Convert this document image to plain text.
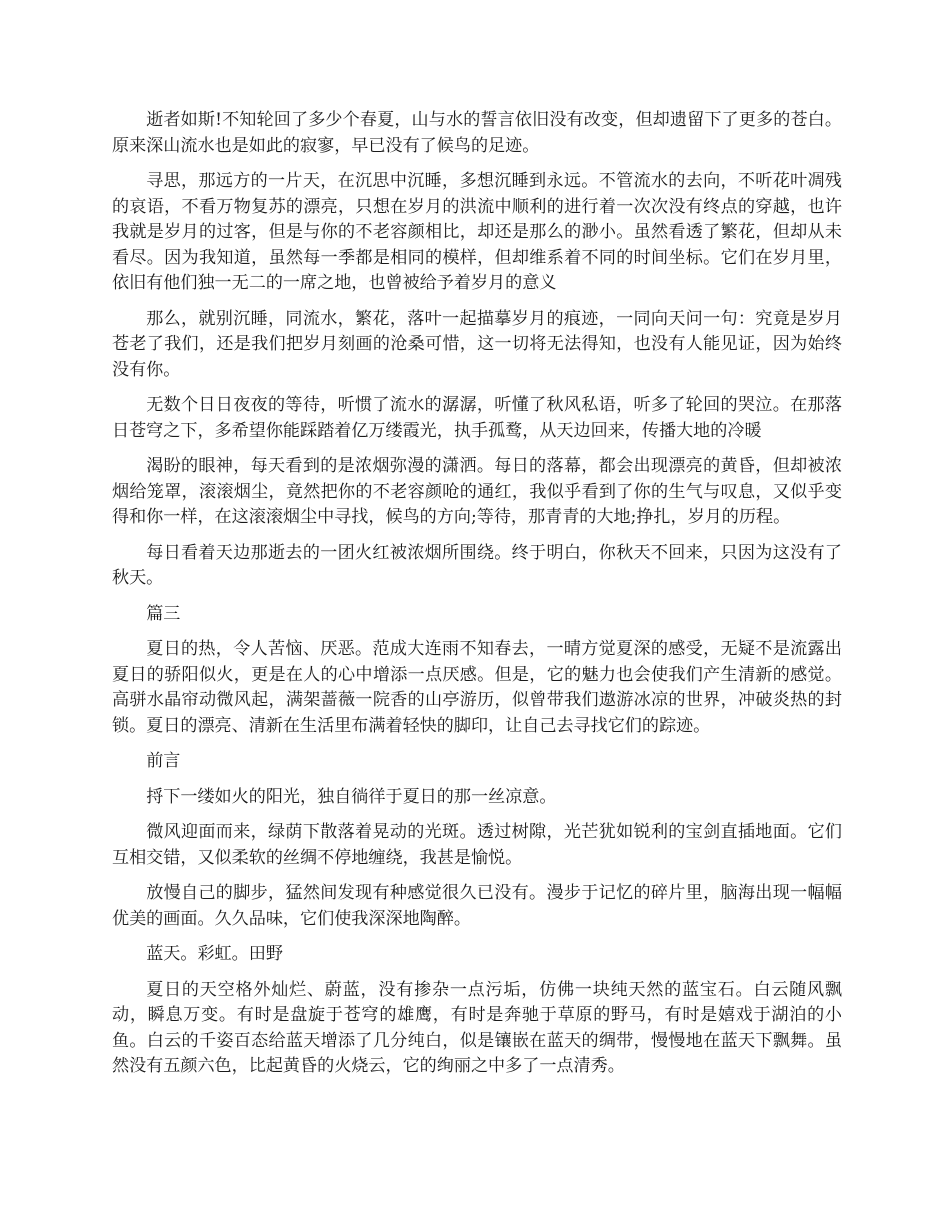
逝者如斯!不知轮回了多少个春夏，山与水的誓言依旧没有改变，但却遗留下了更多的苍白。原来深山流水也是如此的寂寥，早已没有了候鸟的足迹。

寻思，那远方的一片天，在沉思中沉睡，多想沉睡到永远。不管流水的去向，不听花叶凋残的哀语，不看万物复苏的漂亮，只想在岁月的洪流中顺利的进行着一次次没有终点的穿越，也许我就是岁月的过客，但是与你的不老容颜相比，却还是那么的渺小。虽然看透了繁花，但却从未看尽。因为我知道，虽然每一季都是相同的模样，但却维系着不同的时间坐标。它们在岁月里，依旧有他们独一无二的一席之地，也曾被给予着岁月的意义

那么，就别沉睡，同流水，繁花，落叶一起描摹岁月的痕迹，一同向天问一句：究竟是岁月苍老了我们，还是我们把岁月刻画的沧桑可惜，这一切将无法得知，也没有人能见证，因为始终没有你。

无数个日日夜夜的等待，听惯了流水的潺潺，听懂了秋风私语，听多了轮回的哭泣。在那落日苍穹之下，多希望你能踩踏着亿万缕霞光，执手孤鹜，从天边回来，传播大地的冷暖

渴盼的眼神，每天看到的是浓烟弥漫的潇洒。每日的落幕，都会出现漂亮的黄昏，但却被浓烟给笼罩，滚滚烟尘，竟然把你的不老容颜呛的通红，我似乎看到了你的生气与叹息，又似乎变得和你一样，在这滚滚烟尘中寻找，候鸟的方向;等待，那青青的大地;挣扎，岁月的历程。

每日看着天边那逝去的一团火红被浓烟所围绕。终于明白，你秋天不回来，只因为这没有了秋天。

篇三

夏日的热，令人苦恼、厌恶。范成大连雨不知春去，一晴方觉夏深的感受，无疑不是流露出夏日的骄阳似火，更是在人的心中增添一点厌感。但是，它的魅力也会使我们产生清新的感觉。高骈水晶帘动微风起，满架蔷薇一院香的山亭游历，似曾带我们遨游冰凉的世界，冲破炎热的封锁。夏日的漂亮、清新在生活里布满着轻快的脚印，让自己去寻找它们的踪迹。

前言

捋下一缕如火的阳光，独自徜徉于夏日的那一丝凉意。

微风迎面而来，绿荫下散落着晃动的光斑。透过树隙，光芒犹如锐利的宝剑直插地面。它们互相交错，又似柔软的丝绸不停地缠绕，我甚是愉悦。

放慢自己的脚步，猛然间发现有种感觉很久已没有。漫步于记忆的碎片里，脑海出现一幅幅优美的画面。久久品味，它们使我深深地陶醉。

蓝天。彩虹。田野

夏日的天空格外灿烂、蔚蓝，没有掺杂一点污垢，仿佛一块纯天然的蓝宝石。白云随风飘动，瞬息万变。有时是盘旋于苍穹的雄鹰，有时是奔驰于草原的野马，有时是嬉戏于湖泊的小鱼。白云的千姿百态给蓝天增添了几分纯白，似是镶嵌在蓝天的绸带，慢慢地在蓝天下飘舞。虽然没有五颜六色，比起黄昏的火烧云，它的绚丽之中多了一点清秀。
